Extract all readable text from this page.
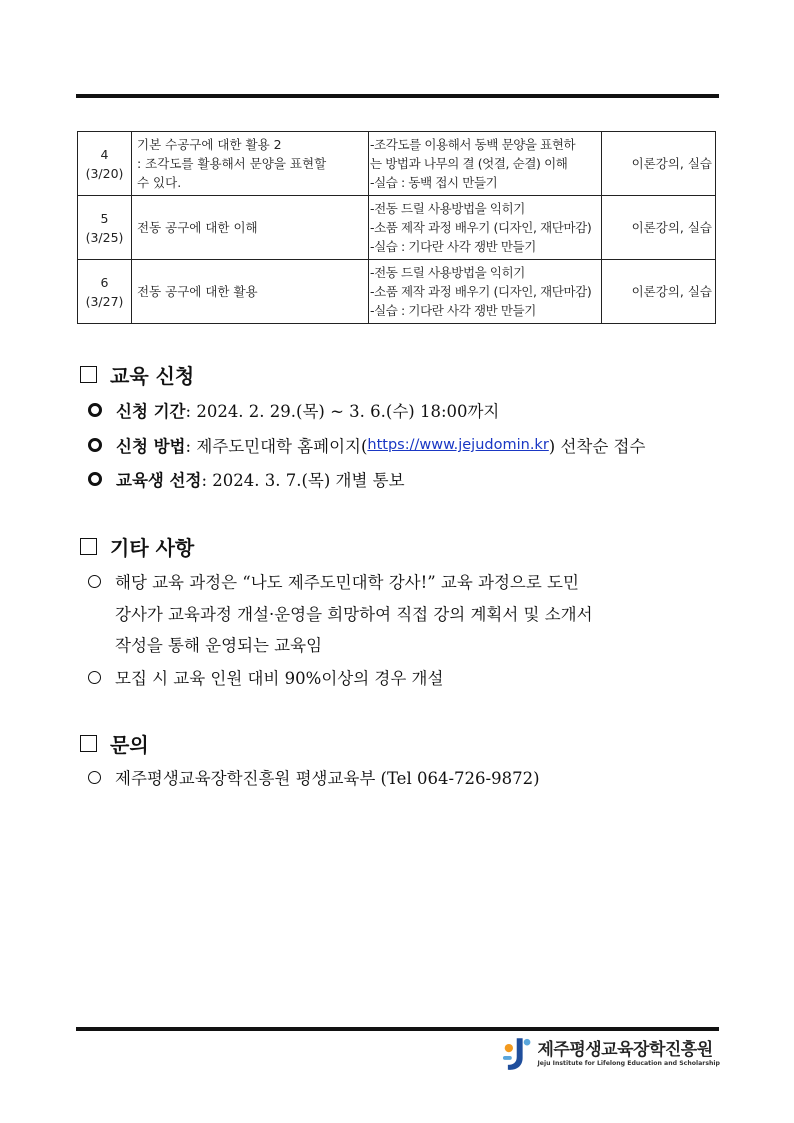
4
(3/20)	기본 수공구에 대한 활용 2
: 조각도를 활용해서 문양을 표현할
수 있다.	-조각도를 이용해서 동백 문양을 표현하
는 방법과 나무의 결 (엇결, 순결) 이해
-실습 : 동백 접시 만들기	이론강의, 실습

5
(3/25)	전동 공구에 대한 이해	-전동 드릴 사용방법을 익히기
-소품 제작 과정 배우기 (디자인, 재단마감)
-실습 : 기다란 사각 쟁반 만들기	이론강의, 실습

6
(3/27)	전동 공구에 대한 활용	-전동 드릴 사용방법을 익히기
-소품 제작 과정 배우기 (디자인, 재단마감)
-실습 : 기다란 사각 쟁반 만들기	이론강의, 실습
교육 신청
신청 기간 : 2024. 2. 29.(목) ~ 3. 6.(수) 18:00까지
신청 방법 : 제주도민대학 홈페이지( https://www.jejudomin.kr ) 선착순 접수
교육생 선정 : 2024. 3. 7.(목) 개별 통보
기타 사항
해당 교육 과정은 “나도 제주도민대학 강사!” 교육 과정으로 도민
강사가 교육과정 개설·운영을 희망하여 직접 강의 계획서 및 소개서
작성을 통해 운영되는 교육임
모집 시 교육 인원 대비 90%이상의 경우 개설
문의
제주평생교육장학진흥원 평생교육부 (Tel 064-726-9872)
제주평생교육장학진흥원
Jeju Institute for Lifelong Education and Scholarship
